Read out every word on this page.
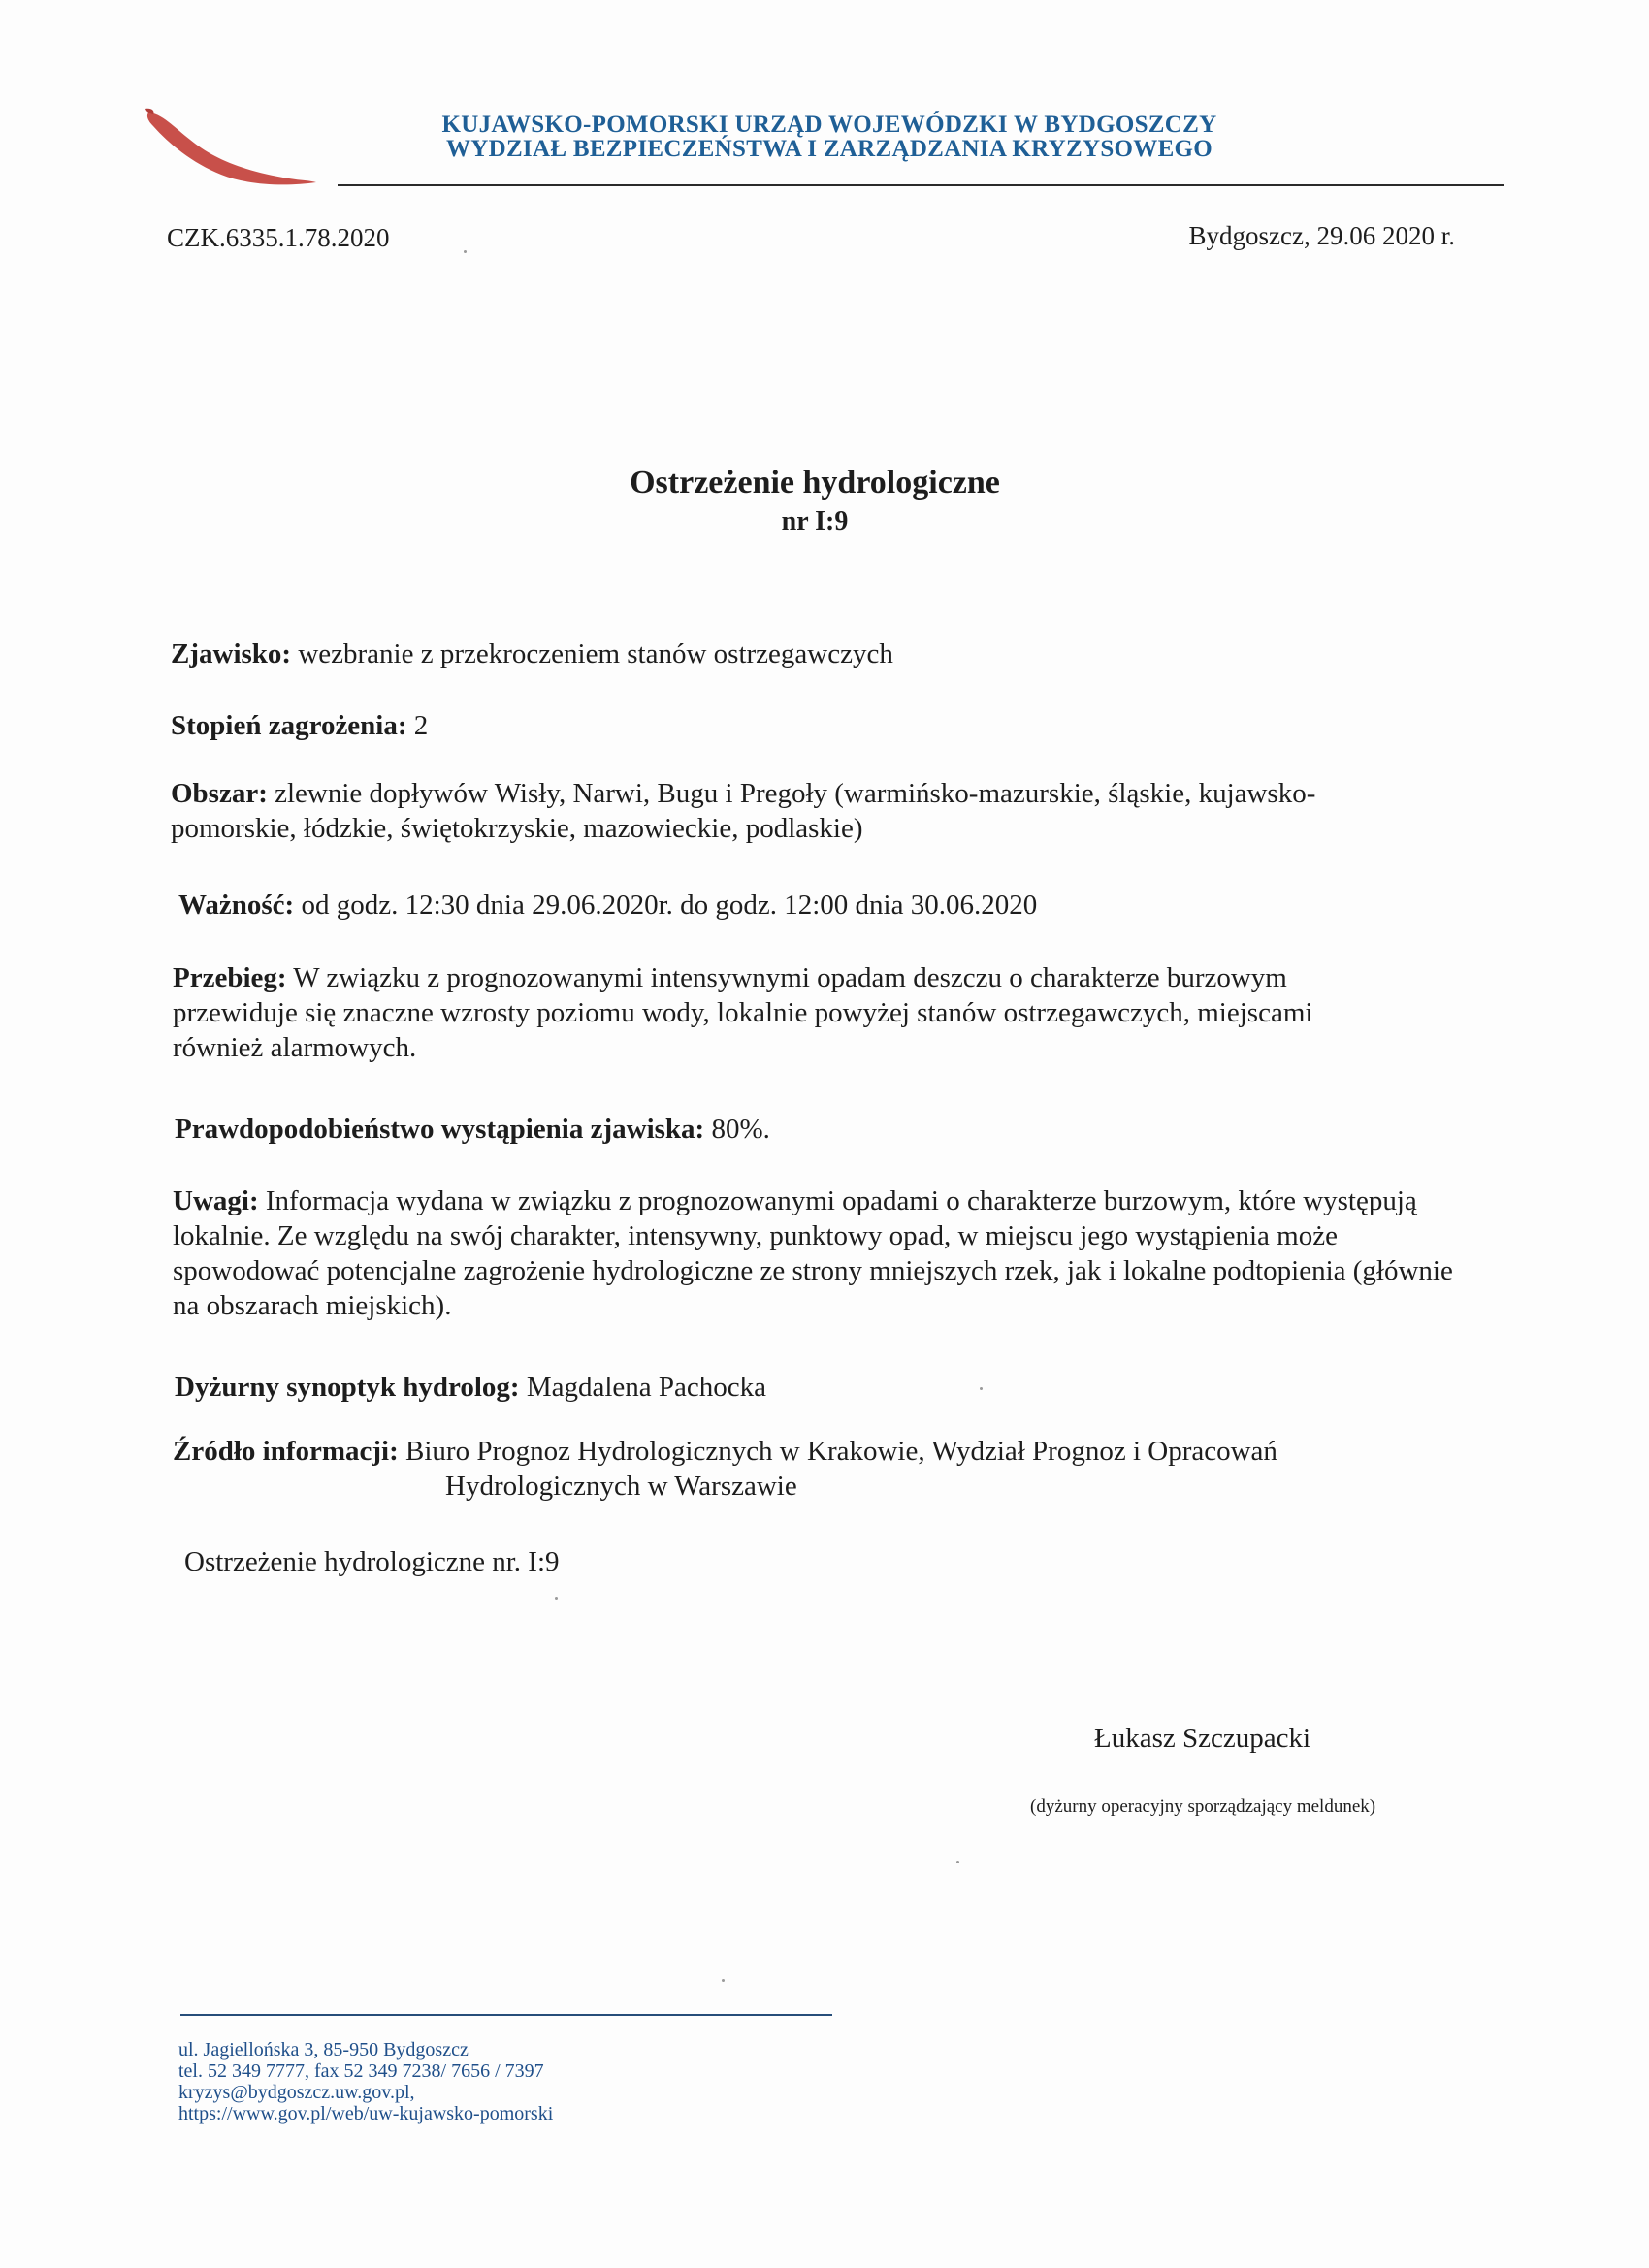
KUJAWSKO-POMORSKI URZĄD WOJEWÓDZKI W BYDGOSZCZY
WYDZIAŁ BEZPIECZEŃSTWA I ZARZĄDZANIA KRYZYSOWEGO
CZK.6335.1.78.2020	Bydgoszcz, 29.06 2020 r.
Ostrzeżenie hydrologiczne
nr I:9
Zjawisko: wezbranie z przekroczeniem stanów ostrzegawczych
Stopień zagrożenia: 2
Obszar: zlewnie dopływów Wisły, Narwi, Bugu i Pregoły (warmińsko-mazurskie, śląskie, kujawsko-pomorskie, łódzkie, świętokrzyskie, mazowieckie, podlaskie)
Ważność: od godz. 12:30 dnia 29.06.2020r. do godz. 12:00 dnia 30.06.2020
Przebieg: W związku z prognozowanymi intensywnymi opadam deszczu o charakterze burzowym przewiduje się znaczne wzrosty poziomu wody, lokalnie powyżej stanów ostrzegawczych, miejscami również alarmowych.
Prawdopodobieństwo wystąpienia zjawiska: 80%.
Uwagi: Informacja wydana w związku z prognozowanymi opadami o charakterze burzowym, które występują lokalnie. Ze względu na swój charakter, intensywny, punktowy opad, w miejscu jego wystąpienia może spowodować potencjalne zagrożenie hydrologiczne ze strony mniejszych rzek, jak i lokalne podtopienia (głównie na obszarach miejskich).
Dyżurny synoptyk hydrolog: Magdalena Pachocka
Źródło informacji: Biuro Prognoz Hydrologicznych w Krakowie, Wydział Prognoz i Opracowań
Hydrologicznych w Warszawie
Ostrzeżenie hydrologiczne nr. I:9
Łukasz Szczupacki
(dyżurny operacyjny sporządzający meldunek)
ul. Jagiellońska 3, 85-950 Bydgoszcz
tel. 52 349 7777, fax 52 349 7238/ 7656 / 7397
kryzys@bydgoszcz.uw.gov.pl,
https://www.gov.pl/web/uw-kujawsko-pomorski
